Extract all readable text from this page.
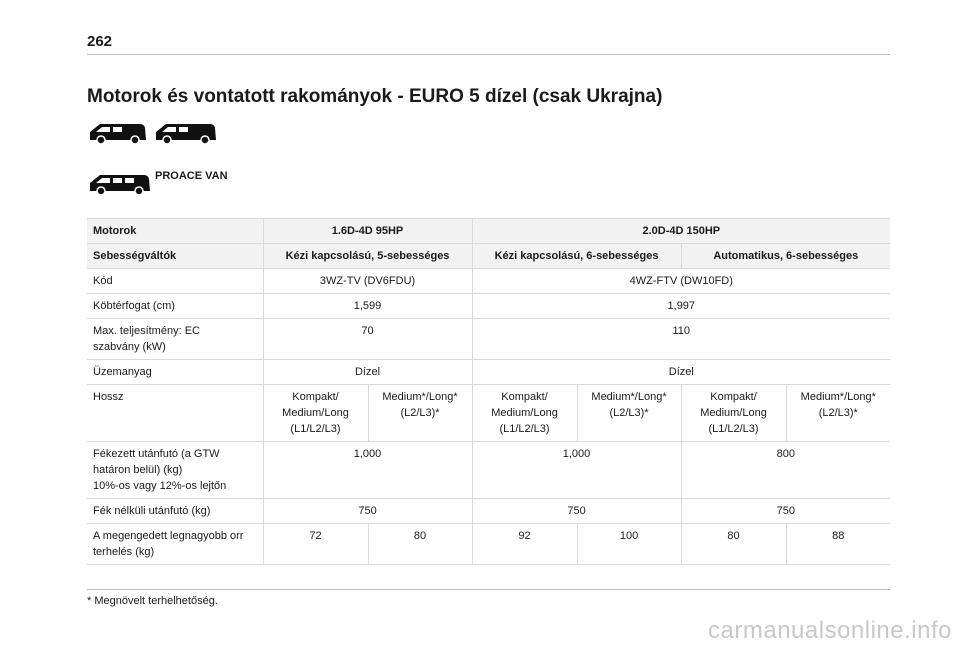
262
Motorok és vontatott rakományok - EURO 5 dízel (csak Ukrajna)
PROACE VAN
Motorok	1.6D-4D 95HP		2.0D-4D 150HP			
Sebességváltók	Kézi kapcsolású, 5-sebességes		Kézi kapcsolású, 6-sebességes		Automatikus, 6-sebességes	
Kód	3WZ-TV (DV6FDU)		4WZ-FTV (DW10FD)			
Köbtérfogat (cm)	1,599		1,997			
Max. teljesítmény: EC
szabvány (kW)	70		110			
Üzemanyag	Dízel		Dízel			
Hossz	Kompakt/
Medium/Long
(L1/L2/L3)	Medium*/Long*
(L2/L3)*	Kompakt/
Medium/Long
(L1/L2/L3)	Medium*/Long*
(L2/L3)*	Kompakt/
Medium/Long
(L1/L2/L3)	Medium*/Long*
(L2/L3)*
Fékezett utánfutó (a GTW
határon belül) (kg)
10%-os vagy 12%-os lejtőn	1,000		1,000		800	
Fék nélküli utánfutó (kg)	750		750		750	
A megengedett legnagyobb orr
terhelés (kg)	72	80	92	100	80	88
* Megnövelt terhelhetőség.
carmanualsonline.info
